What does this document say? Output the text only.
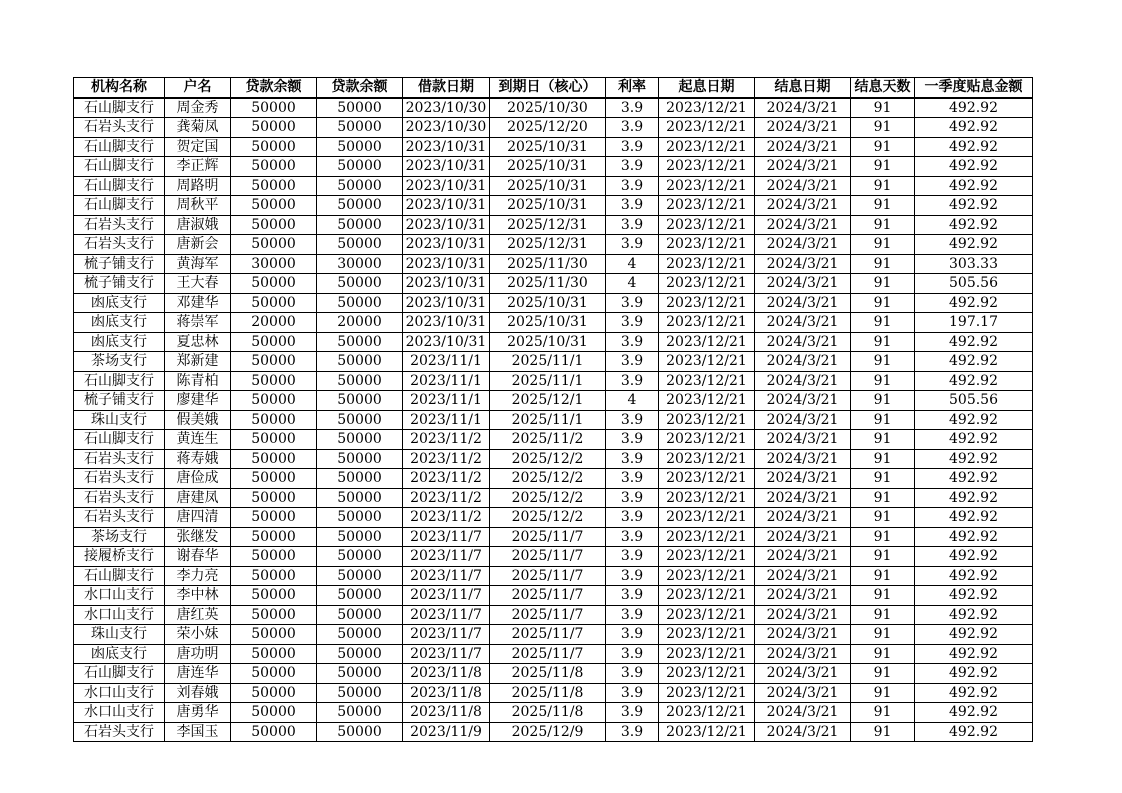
机构名称	户名	贷款余额	贷款余额	借款日期	到期日（核心）	利率	起息日期	结息日期	结息天数	一季度贴息金额
石山脚支行	周金秀	50000	50000	2023/10/30	2025/10/30	3.9	2023/12/21	2024/3/21	91	492.92
石岩头支行	龚菊凤	50000	50000	2023/10/30	2025/12/20	3.9	2023/12/21	2024/3/21	91	492.92
石山脚支行	贺定国	50000	50000	2023/10/31	2025/10/31	3.9	2023/12/21	2024/3/21	91	492.92
石山脚支行	李正辉	50000	50000	2023/10/31	2025/10/31	3.9	2023/12/21	2024/3/21	91	492.92
石山脚支行	周路明	50000	50000	2023/10/31	2025/10/31	3.9	2023/12/21	2024/3/21	91	492.92
石山脚支行	周秋平	50000	50000	2023/10/31	2025/10/31	3.9	2023/12/21	2024/3/21	91	492.92
石岩头支行	唐淑娥	50000	50000	2023/10/31	2025/12/31	3.9	2023/12/21	2024/3/21	91	492.92
石岩头支行	唐新会	50000	50000	2023/10/31	2025/12/31	3.9	2023/12/21	2024/3/21	91	492.92
梳子铺支行	黄海军	30000	30000	2023/10/31	2025/11/30	4	2023/12/21	2024/3/21	91	303.33
梳子铺支行	王大春	50000	50000	2023/10/31	2025/11/30	4	2023/12/21	2024/3/21	91	505.56
凼底支行	邓建华	50000	50000	2023/10/31	2025/10/31	3.9	2023/12/21	2024/3/21	91	492.92
凼底支行	蒋崇军	20000	20000	2023/10/31	2025/10/31	3.9	2023/12/21	2024/3/21	91	197.17
凼底支行	夏忠林	50000	50000	2023/10/31	2025/10/31	3.9	2023/12/21	2024/3/21	91	492.92
茶场支行	郑新建	50000	50000	2023/11/1	2025/11/1	3.9	2023/12/21	2024/3/21	91	492.92
石山脚支行	陈青柏	50000	50000	2023/11/1	2025/11/1	3.9	2023/12/21	2024/3/21	91	492.92
梳子铺支行	廖建华	50000	50000	2023/11/1	2025/12/1	4	2023/12/21	2024/3/21	91	505.56
珠山支行	假美娥	50000	50000	2023/11/1	2025/11/1	3.9	2023/12/21	2024/3/21	91	492.92
石山脚支行	黄连生	50000	50000	2023/11/2	2025/11/2	3.9	2023/12/21	2024/3/21	91	492.92
石岩头支行	蒋寿娥	50000	50000	2023/11/2	2025/12/2	3.9	2023/12/21	2024/3/21	91	492.92
石岩头支行	唐俭成	50000	50000	2023/11/2	2025/12/2	3.9	2023/12/21	2024/3/21	91	492.92
石岩头支行	唐建凤	50000	50000	2023/11/2	2025/12/2	3.9	2023/12/21	2024/3/21	91	492.92
石岩头支行	唐四清	50000	50000	2023/11/2	2025/12/2	3.9	2023/12/21	2024/3/21	91	492.92
茶场支行	张继发	50000	50000	2023/11/7	2025/11/7	3.9	2023/12/21	2024/3/21	91	492.92
接履桥支行	谢春华	50000	50000	2023/11/7	2025/11/7	3.9	2023/12/21	2024/3/21	91	492.92
石山脚支行	李力亮	50000	50000	2023/11/7	2025/11/7	3.9	2023/12/21	2024/3/21	91	492.92
水口山支行	李中林	50000	50000	2023/11/7	2025/11/7	3.9	2023/12/21	2024/3/21	91	492.92
水口山支行	唐红英	50000	50000	2023/11/7	2025/11/7	3.9	2023/12/21	2024/3/21	91	492.92
珠山支行	荣小妹	50000	50000	2023/11/7	2025/11/7	3.9	2023/12/21	2024/3/21	91	492.92
凼底支行	唐功明	50000	50000	2023/11/7	2025/11/7	3.9	2023/12/21	2024/3/21	91	492.92
石山脚支行	唐连华	50000	50000	2023/11/8	2025/11/8	3.9	2023/12/21	2024/3/21	91	492.92
水口山支行	刘春娥	50000	50000	2023/11/8	2025/11/8	3.9	2023/12/21	2024/3/21	91	492.92
水口山支行	唐勇华	50000	50000	2023/11/8	2025/11/8	3.9	2023/12/21	2024/3/21	91	492.92
石岩头支行	李国玉	50000	50000	2023/11/9	2025/12/9	3.9	2023/12/21	2024/3/21	91	492.92
